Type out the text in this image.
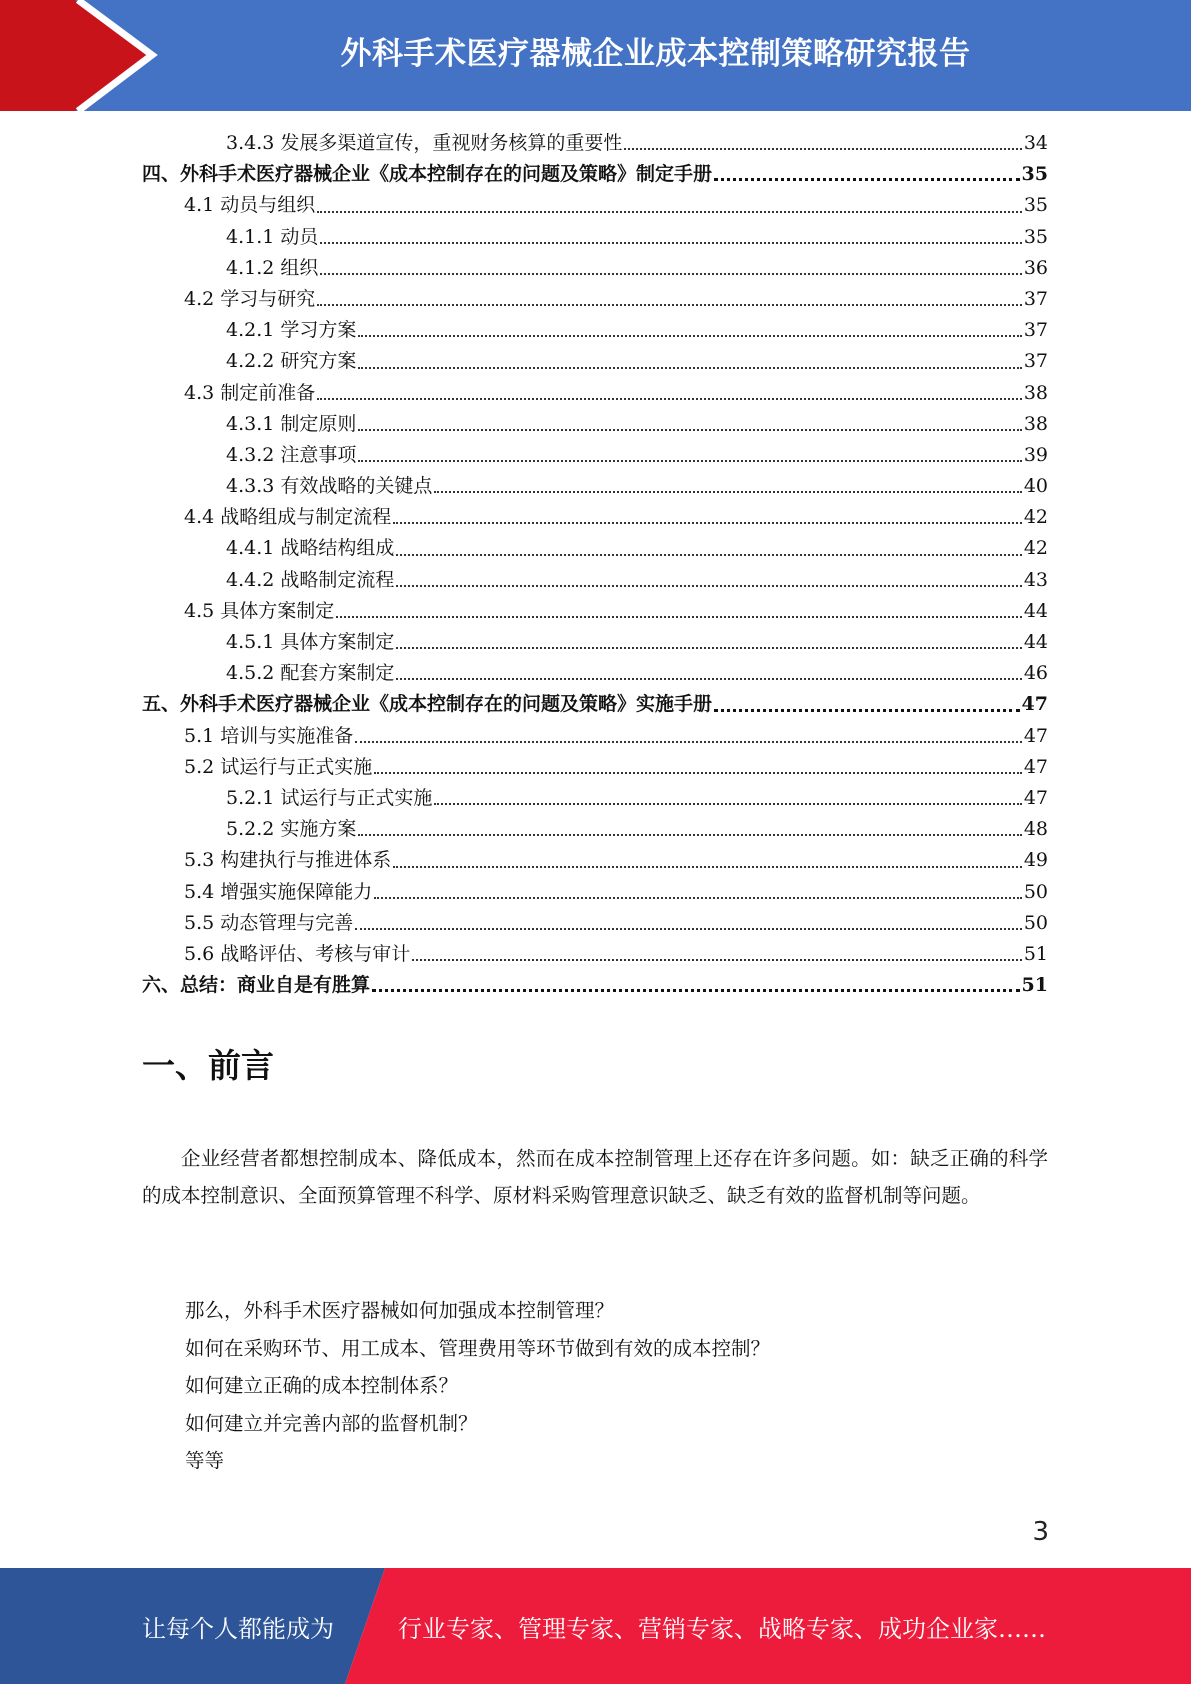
外科手术医疗器械企业成本控制策略研究报告
3.4.3 发展多渠道宣传，重视财务核算的重要性	34
四、外科手术医疗器械企业《成本控制存在的问题及策略》制定手册	35
4.1 动员与组织	35
4.1.1 动员	35
4.1.2 组织	36
4.2 学习与研究	37
4.2.1 学习方案	37
4.2.2 研究方案	37
4.3 制定前准备	38
4.3.1 制定原则	38
4.3.2 注意事项	39
4.3.3 有效战略的关键点	40
4.4 战略组成与制定流程	42
4.4.1 战略结构组成	42
4.4.2 战略制定流程	43
4.5 具体方案制定	44
4.5.1 具体方案制定	44
4.5.2 配套方案制定	46
五、外科手术医疗器械企业《成本控制存在的问题及策略》实施手册	47
5.1 培训与实施准备	47
5.2 试运行与正式实施	47
5.2.1 试运行与正式实施	47
5.2.2 实施方案	48
5.3 构建执行与推进体系	49
5.4 增强实施保障能力	50
5.5 动态管理与完善	50
5.6 战略评估、考核与审计	51
六、总结：商业自是有胜算	51
一、前言

企业经营者都想控制成本、降低成本，然而在成本控制管理上还存在许多问题。如：缺乏正确的科学的成本控制意识、全面预算管理不科学、原材料采购管理意识缺乏、缺乏有效的监督机制等问题。

那么，外科手术医疗器械如何加强成本控制管理？
如何在采购环节、用工成本、管理费用等环节做到有效的成本控制？
如何建立正确的成本控制体系？
如何建立并完善内部的监督机制？
等等
3
让每个人都能成为	行业专家、管理专家、营销专家、战略专家、成功企业家……
